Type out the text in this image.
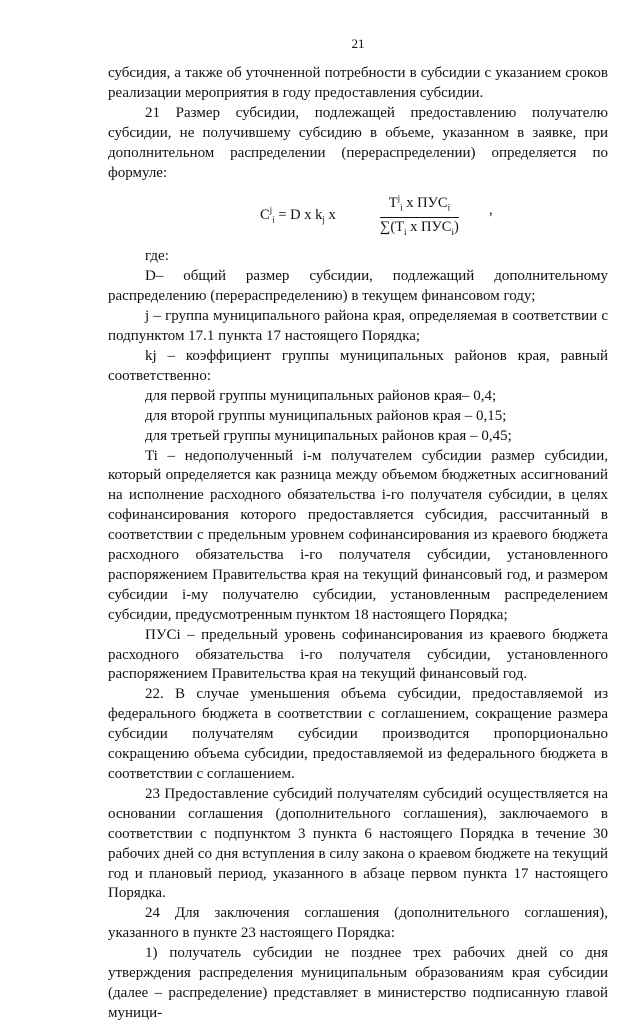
21

субсидия, а также об уточненной потребности в субсидии с указанием сроков реализации мероприятия в году предоставления субсидии.

21 Размер субсидии, подлежащей предоставлению получателю субсидии, не получившему субсидию в объеме, указанном в заявке, при дополнительном распределении (перераспределении) определяется по формуле:

$C^j_i = D$ x $k_j$ x
$T^j_i$ x $ПУС_i$
$\sum(T_i$ x $ПУС_i$)
,

где:

D– общий размер субсидии, подлежащий дополнительному распределению (перераспределению) в текущем финансовом году;

j – группа муниципального района края, определяемая в соответствии с подпунктом 17.1 пункта 17 настоящего Порядка;

kj – коэффициент группы муниципальных районов края, равный соответственно:

для первой группы муниципальных районов края– 0,4;

для второй группы муниципальных районов края – 0,15;

для третьей группы муниципальных районов края – 0,45;

Ti – недополученный i-м получателем субсидии размер субсидии, который определяется как разница между объемом бюджетных ассигнований на исполнение расходного обязательства i-го получателя субсидии, в целях софинансирования которого предоставляется субсидия, рассчитанный в соответствии с предельным уровнем софинансирования из краевого бюджета расходного обязательства i-го получателя субсидии, установленного распоряжением Правительства края на текущий финансовый год, и размером субсидии i-му получателю субсидии, установленным распределением субсидии, предусмотренным пунктом 18 настоящего Порядка;

ПУСi – предельный уровень софинансирования из краевого бюджета расходного обязательства i-го получателя субсидии, установленного распоряжением Правительства края на текущий финансовый год.

22. В случае уменьшения объема субсидии, предоставляемой из федерального бюджета в соответствии с соглашением, сокращение размера субсидии получателям субсидии производится пропорционально сокращению объема субсидии, предоставляемой из федерального бюджета в соответствии с соглашением.

23 Предоставление субсидий получателям субсидий осуществляется на основании соглашения (дополнительного соглашения), заключаемого в соответствии с подпунктом 3 пункта 6 настоящего Порядка в течение 30 рабочих дней со дня вступления в силу закона о краевом бюджете на текущий год и плановый период, указанного в абзаце первом пункта 17 настоящего Порядка.

24 Для заключения соглашения (дополнительного соглашения), указанного в пункте 23 настоящего Порядка:

1) получатель субсидии не позднее трех рабочих дней со дня утверждения распределения муниципальным образованиям края субсидии (далее – распределение) представляет в министерство подписанную главой муници-
